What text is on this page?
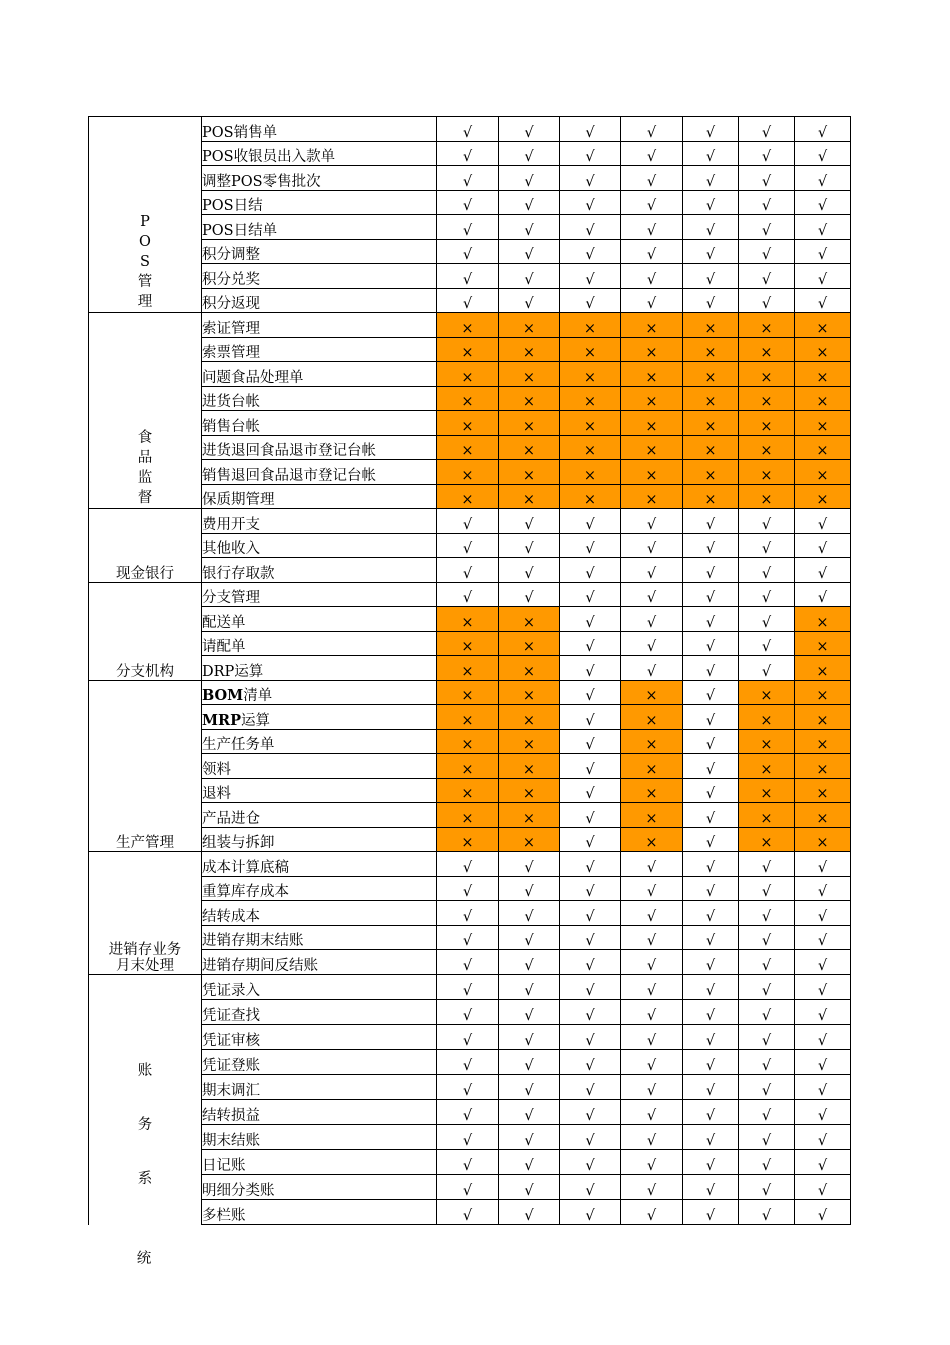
P
O
S
管
理	POS销售单	√	√	√	√	√	√	√
	POS收银员出入款单	√	√	√	√	√	√	√
	调整POS零售批次	√	√	√	√	√	√	√
	POS日结	√	√	√	√	√	√	√
	POS日结单	√	√	√	√	√	√	√
	积分调整	√	√	√	√	√	√	√
	积分兑奖	√	√	√	√	√	√	√
	积分返现	√	√	√	√	√	√	√

食
品
监
督	索证管理	×	×	×	×	×	×	×
	索票管理	×	×	×	×	×	×	×
	问题食品处理单	×	×	×	×	×	×	×
	进货台帐	×	×	×	×	×	×	×
	销售台帐	×	×	×	×	×	×	×
	进货退回食品退市登记台帐	×	×	×	×	×	×	×
	销售退回食品退市登记台帐	×	×	×	×	×	×	×
	保质期管理	×	×	×	×	×	×	×
现金银行	费用开支	√	√	√	√	√	√	√
	其他收入	√	√	√	√	√	√	√
	银行存取款	√	√	√	√	√	√	√
分支机构	分支管理	√	√	√	√	√	√	√
	配送单	×	×	√	√	√	√	×
	请配单	×	×	√	√	√	√	×
	DRP运算	×	×	√	√	√	√	×
生产管理	BOM清单	×	×	√	×	√	×	×
	MRP运算	×	×	√	×	√	×	×
	生产任务单	×	×	√	×	√	×	×
	领料	×	×	√	×	√	×	×
	退料	×	×	√	×	√	×	×
	产品进仓	×	×	√	×	√	×	×
	组装与拆卸	×	×	√	×	√	×	×

进销存业务
月末处理	成本计算底稿	√	√	√	√	√	√	√
	重算库存成本	√	√	√	√	√	√	√
	结转成本	√	√	√	√	√	√	√
	进销存期末结账	√	√	√	√	√	√	√
	进销存期间反结账	√	√	√	√	√	√	√

账
务
系	凭证录入	√	√	√	√	√	√	√
	凭证查找	√	√	√	√	√	√	√
	凭证审核	√	√	√	√	√	√	√
	凭证登账	√	√	√	√	√	√	√
	期末调汇	√	√	√	√	√	√	√
	结转损益	√	√	√	√	√	√	√
	期末结账	√	√	√	√	√	√	√
	日记账	√	√	√	√	√	√	√
	明细分类账	√	√	√	√	√	√	√
	多栏账	√	√	√	√	√	√	√
统
